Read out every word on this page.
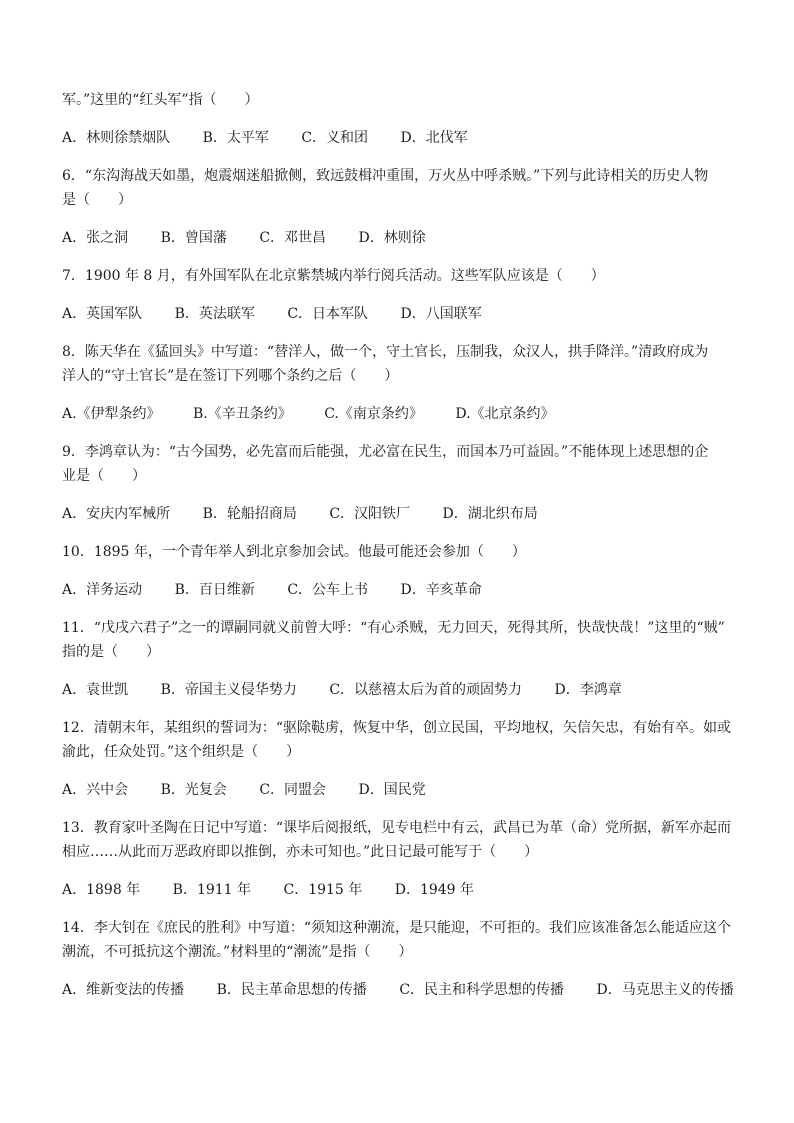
军。”这里的“红头军”指（　　）
A．林则徐禁烟队 B．太平军 C．义和团 D．北伐军
6．“东沟海战天如墨，炮震烟迷船掀侧，致远鼓楫冲重围，万火丛中呼杀贼。”下列与此诗相关的历史人物
是（　　）
A．张之洞 B．曾国藩 C．邓世昌 D．林则徐
7．1900 年 8 月，有外国军队在北京紫禁城内举行阅兵活动。这些军队应该是（　　）
A．英国军队 B．英法联军 C．日本军队 D．八国联军
8．陈天华在《猛回头》中写道：“替洋人，做一个，守土官长，压制我，众汉人，拱手降洋。”清政府成为
洋人的“守土官长”是在签订下列哪个条约之后（　　）
A.《伊犁条约》 B.《辛丑条约》 C.《南京条约》 D.《北京条约》
9．李鸿章认为：“古今国势，必先富而后能强，尤必富在民生，而国本乃可益固。”不能体现上述思想的企
业是（　　）
A．安庆内军械所 B．轮船招商局 C．汉阳铁厂 D．湖北织布局
10．1895 年，一个青年举人到北京参加会试。他最可能还会参加（　　）
A．洋务运动 B．百日维新 C．公车上书 D．辛亥革命
11．“戊戌六君子”之一的谭嗣同就义前曾大呼：“有心杀贼，无力回天，死得其所，快哉快哉！”这里的“贼”
指的是（　　）
A．袁世凯 B．帝国主义侵华势力 C．以慈禧太后为首的顽固势力 D．李鸿章
12．清朝末年，某组织的誓词为：“驱除鞑虏，恢复中华，创立民国，平均地权，矢信矢忠，有始有卒。如或
渝此，任众处罚。”这个组织是（　　）
A．兴中会 B．光复会 C．同盟会 D．国民党
13．教育家叶圣陶在日记中写道：“课毕后阅报纸，见专电栏中有云，武昌已为革（命）党所据，新军亦起而
相应……从此而万恶政府即以推倒，亦未可知也。”此日记最可能写于（　　）
A．1898 年 B．1911 年 C．1915 年 D．1949 年
14．李大钊在《庶民的胜利》中写道：“须知这种潮流，是只能迎，不可拒的。我们应该准备怎么能适应这个
潮流，不可抵抗这个潮流。”材料里的“潮流”是指（　　）
A．维新变法的传播 B．民主革命思想的传播 C．民主和科学思想的传播 D．马克思主义的传播
